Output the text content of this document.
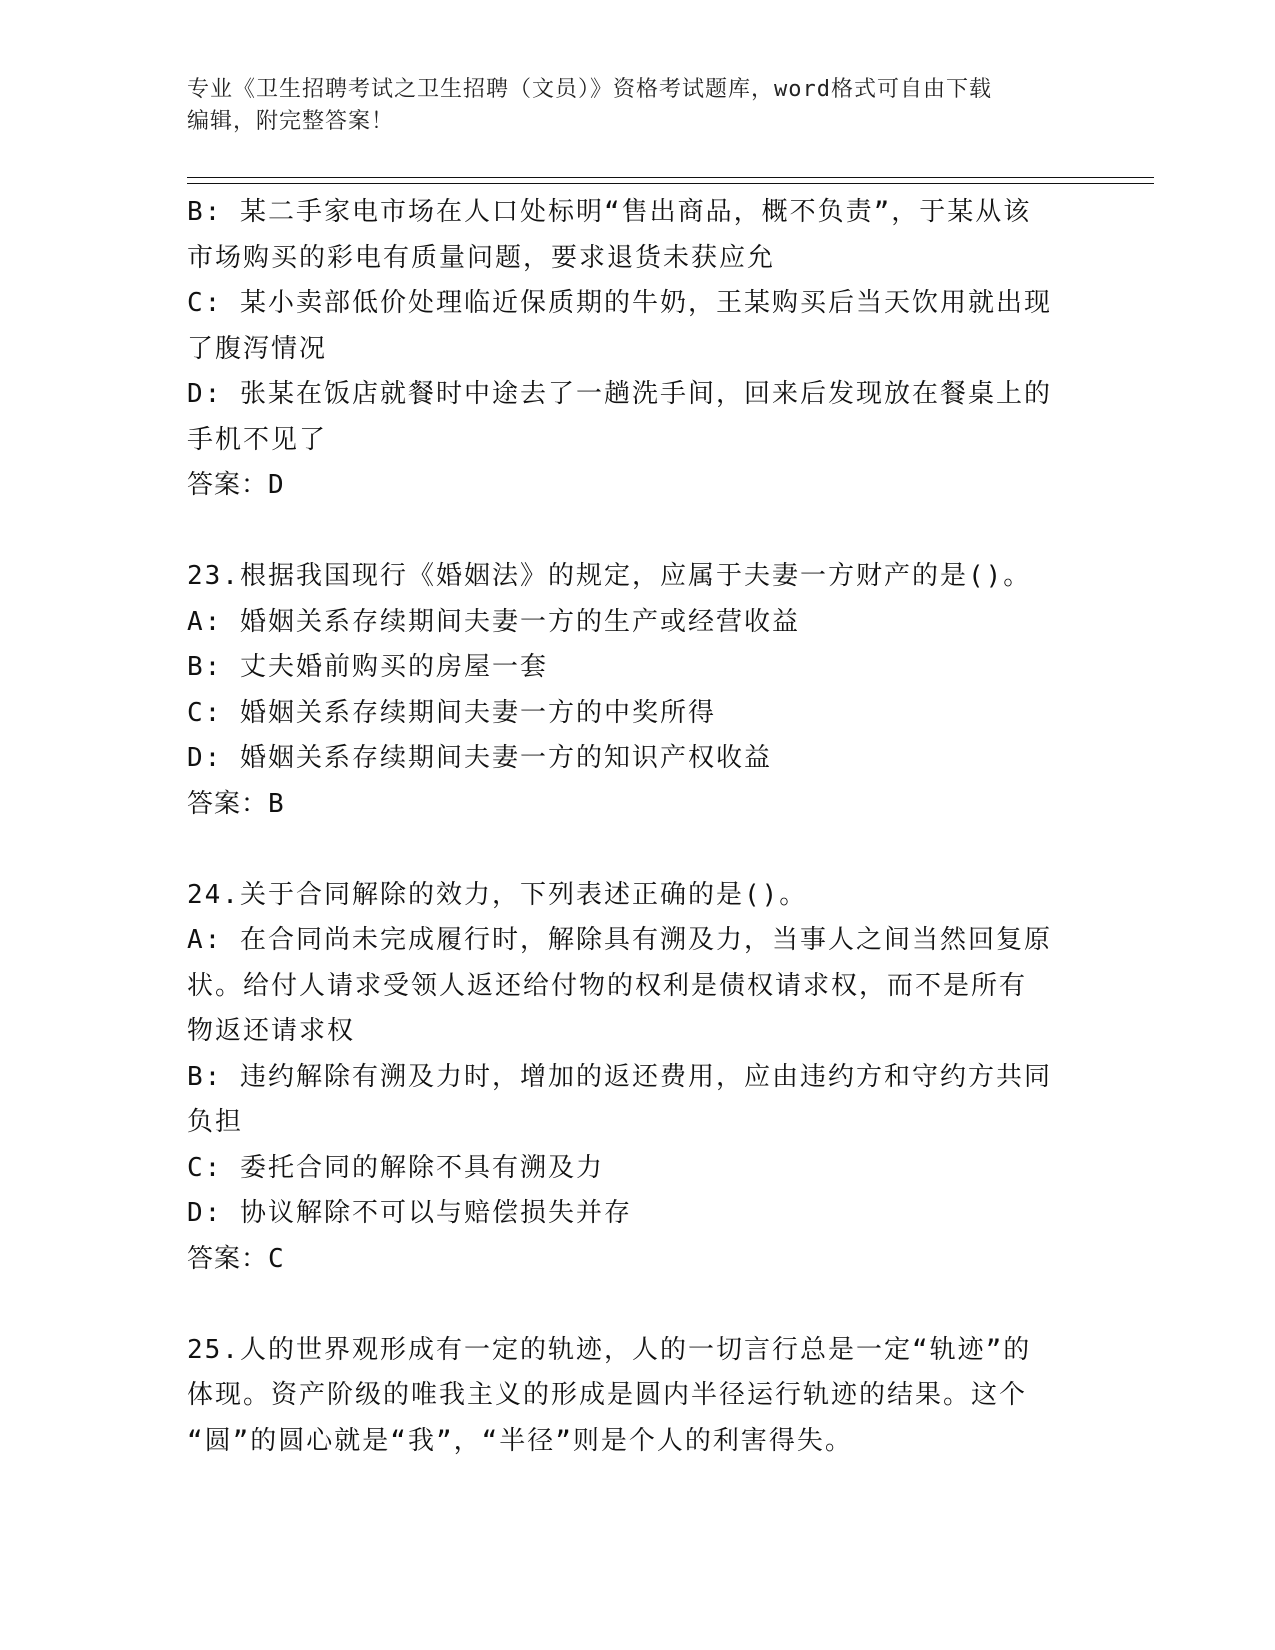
专业《卫生招聘考试之卫生招聘（文员）》资格考试题库，word格式可自由下载
编辑，附完整答案！

B: 某二手家电市场在人口处标明“售出商品，概不负责”，于某从该

市场购买的彩电有质量问题，要求退货未获应允

C: 某小卖部低价处理临近保质期的牛奶，王某购买后当天饮用就出现

了腹泻情况

D: 张某在饭店就餐时中途去了一趟洗手间，回来后发现放在餐桌上的

手机不见了

答案：D

23.根据我国现行《婚姻法》的规定，应属于夫妻一方财产的是()。

A: 婚姻关系存续期间夫妻一方的生产或经营收益

B: 丈夫婚前购买的房屋一套

C: 婚姻关系存续期间夫妻一方的中奖所得

D: 婚姻关系存续期间夫妻一方的知识产权收益

答案：B

24.关于合同解除的效力，下列表述正确的是()。

A: 在合同尚未完成履行时，解除具有溯及力，当事人之间当然回复原

状。给付人请求受领人返还给付物的权利是债权请求权，而不是所有

物返还请求权

B: 违约解除有溯及力时，增加的返还费用，应由违约方和守约方共同

负担

C: 委托合同的解除不具有溯及力

D: 协议解除不可以与赔偿损失并存

答案：C

25.人的世界观形成有一定的轨迹，人的一切言行总是一定“轨迹”的

体现。资产阶级的唯我主义的形成是圆内半径运行轨迹的结果。这个

“圆”的圆心就是“我”，“半径”则是个人的利害得失。
